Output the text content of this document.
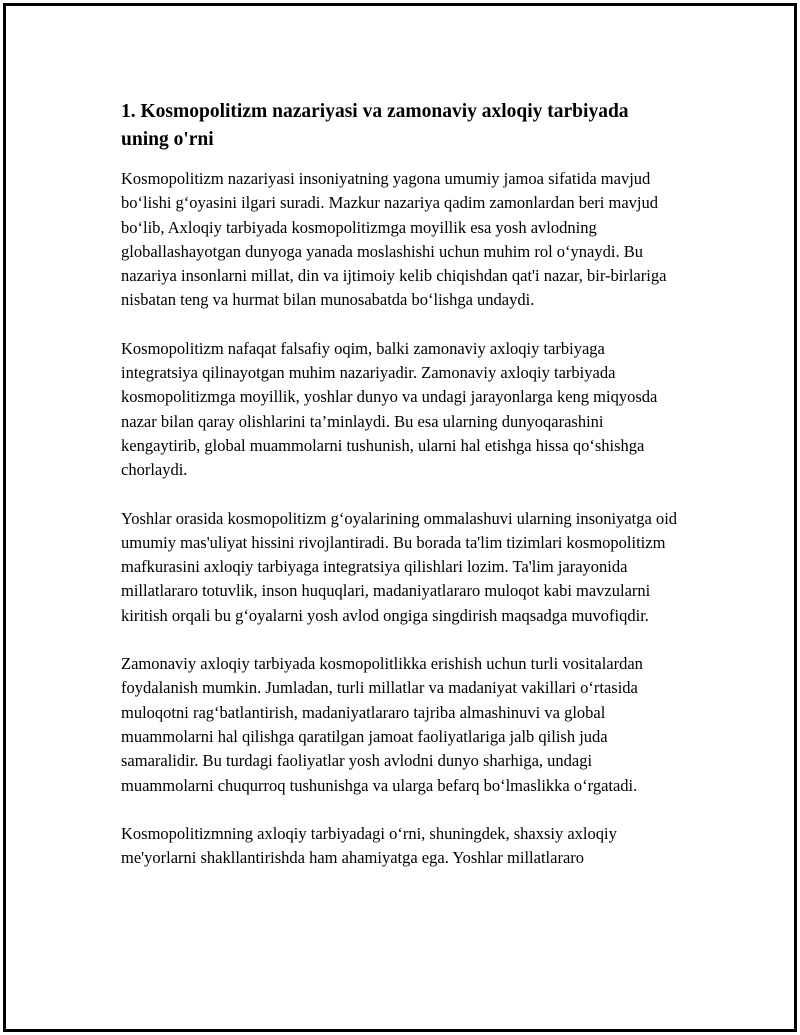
1. Kosmopolitizm nazariyasi va zamonaviy axloqiy tarbiyada uning o'rni

Kosmopolitizm nazariyasi insoniyatning yagona umumiy jamoa sifatida mavjud bo‘lishi g‘oyasini ilgari suradi. Mazkur nazariya qadim zamonlardan beri mavjud bo‘lib, Axloqiy tarbiyada kosmopolitizmga moyillik esa yosh avlodning globallashayotgan dunyoga yanada moslashishi uchun muhim rol o‘ynaydi. Bu nazariya insonlarni millat, din va ijtimoiy kelib chiqishdan qat'i nazar, bir-birlariga nisbatan teng va hurmat bilan munosabatda bo‘lishga undaydi.

Kosmopolitizm nafaqat falsafiy oqim, balki zamonaviy axloqiy tarbiyaga integratsiya qilinayotgan muhim nazariyadir. Zamonaviy axloqiy tarbiyada kosmopolitizmga moyillik, yoshlar dunyo va undagi jarayonlarga keng miqyosda nazar bilan qaray olishlarini ta’minlaydi. Bu esa ularning dunyoqarashini kengaytirib, global muammolarni tushunish, ularni hal etishga hissa qo‘shishga chorlaydi.

Yoshlar orasida kosmopolitizm g‘oyalarining ommalashuvi ularning insoniyatga oid umumiy mas'uliyat hissini rivojlantiradi. Bu borada ta'lim tizimlari kosmopolitizm mafkurasini axloqiy tarbiyaga integratsiya qilishlari lozim. Ta'lim jarayonida millatlararo totuvlik, inson huquqlari, madaniyatlararo muloqot kabi mavzularni kiritish orqali bu g‘oyalarni yosh avlod ongiga singdirish maqsadga muvofiqdir.

Zamonaviy axloqiy tarbiyada kosmopolitlikka erishish uchun turli vositalardan foydalanish mumkin. Jumladan, turli millatlar va madaniyat vakillari o‘rtasida muloqotni rag‘batlantirish, madaniyatlararo tajriba almashinuvi va global muammolarni hal qilishga qaratilgan jamoat faoliyatlariga jalb qilish juda samaralidir. Bu turdagi faoliyatlar yosh avlodni dunyo sharhiga, undagi muammolarni chuqurroq tushunishga va ularga befarq bo‘lmaslikka o‘rgatadi.

Kosmopolitizmning axloqiy tarbiyadagi o‘rni, shuningdek, shaxsiy axloqiy me'yorlarni shakllantirishda ham ahamiyatga ega. Yoshlar millatlararo
